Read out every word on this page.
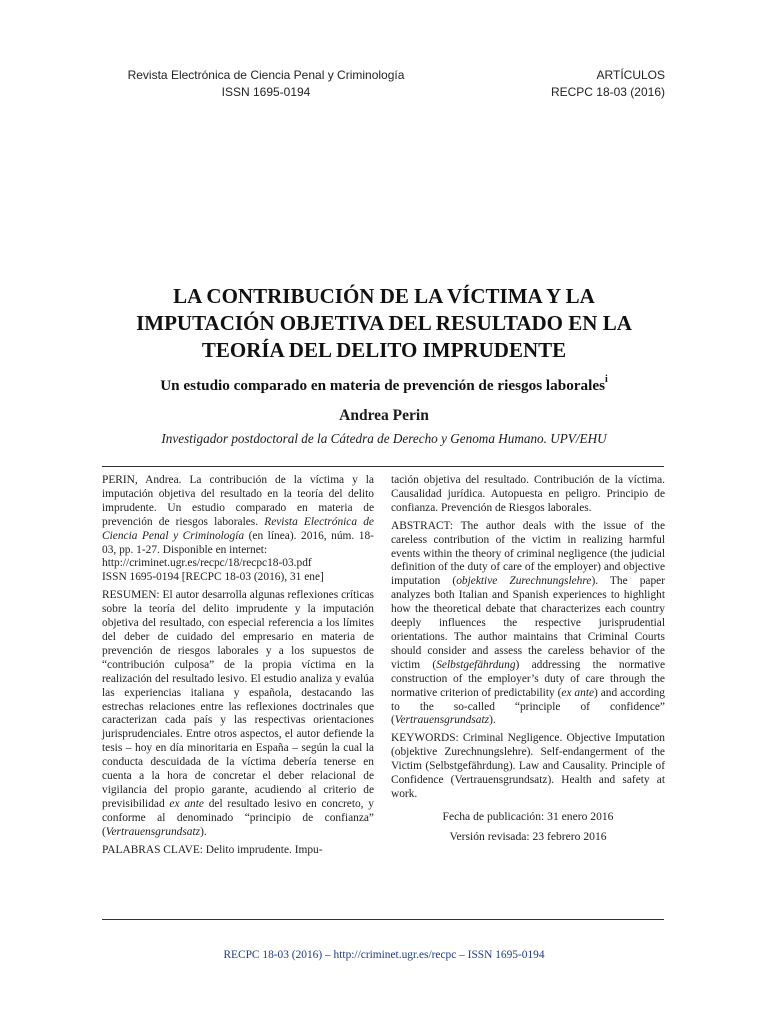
Revista Electrónica de Ciencia Penal y Criminología
ISSN 1695-0194
ARTÍCULOS
RECPC 18-03 (2016)
LA CONTRIBUCIÓN DE LA VÍCTIMA Y LA
IMPUTACIÓN OBJETIVA DEL RESULTADO EN LA
TEORÍA DEL DELITO IMPRUDENTE
Un estudio comparado en materia de prevención de riesgos laborales$^i$
Andrea Perin
Investigador postdoctoral de la Cátedra de Derecho y Genoma Humano. UPV/EHU

PERIN, Andrea. La contribución de la víctima y la imputación objetiva del resultado en la teoría del delito imprudente. Un estudio comparado en materia de prevención de riesgos laborales. Revista Electrónica de Ciencia Penal y Criminología (en línea). 2016, núm. 18-03, pp. 1-27. Disponible en internet:
http://criminet.ugr.es/recpc/18/recpc18-03.pdf
ISSN 1695-0194 [RECPC 18-03 (2016), 31 ene]

RESUMEN: El autor desarrolla algunas reflexiones críticas sobre la teoría del delito imprudente y la imputación objetiva del resultado, con especial referencia a los límites del deber de cuidado del empresario en materia de prevención de riesgos laborales y a los supuestos de “contribución culposa” de la propia víctima en la realización del resultado lesivo. El estudio analiza y evalúa las experiencias italiana y española, destacando las estrechas relaciones entre las reflexiones doctrinales que caracterizan cada país y las respectivas orientaciones jurisprudenciales. Entre otros aspectos, el autor defiende la tesis – hoy en día minoritaria en España – según la cual la conducta descuidada de la víctima debería tenerse en cuenta a la hora de concretar el deber relacional de vigilancia del propio garante, acudiendo al criterio de previsibilidad ex ante del resultado lesivo en concreto, y conforme al denominado “principio de confianza” (Vertrauensgrundsatz).

PALABRAS CLAVE: Delito imprudente. Impu-

tación objetiva del resultado. Contribución de la víctima. Causalidad jurídica. Autopuesta en peligro. Principio de confianza. Prevención de Riesgos laborales.

ABSTRACT: The author deals with the issue of the careless contribution of the victim in realizing harmful events within the theory of criminal negligence (the judicial definition of the duty of care of the employer) and objective imputation (objektive Zurechnungslehre). The paper analyzes both Italian and Spanish experiences to highlight how the theoretical debate that characterizes each country deeply influences the respective jurisprudential orientations. The author maintains that Criminal Courts should consider and assess the careless behavior of the victim (Selbstgefährdung) addressing the normative construction of the employer’s duty of care through the normative criterion of predictability (ex ante) and according to the so-called “principle of confidence” (Vertrauensgrundsatz).

KEYWORDS: Criminal Negligence. Objective Imputation (objektive Zurechnungslehre). Self-endangerment of the Victim (Selbstgefährdung). Law and Causality. Principle of Confidence (Vertrauensgrundsatz). Health and safety at work.

Fecha de publicación: 31 enero 2016

Versión revisada: 23 febrero 2016

RECPC 18-03 (2016) – http://criminet.ugr.es/recpc – ISSN 1695-0194
